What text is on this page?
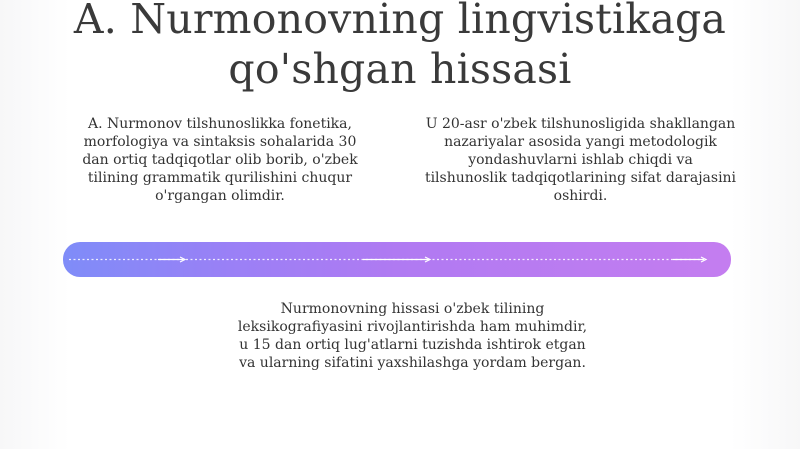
A. Nurmonovning lingvistikaga
qo'shgan hissasi

A. Nurmonov tilshunoslikka fonetika,
morfologiya va sintaksis sohalarida 30
dan ortiq tadqiqotlar olib borib, o'zbek
tilining grammatik qurilishini chuqur
o'rgangan olimdir.

U 20-asr o'zbek tilshunosligida shakllangan
nazariyalar asosida yangi metodologik
yondashuvlarni ishlab chiqdi va
tilshunoslik tadqiqotlarining sifat darajasini
oshirdi.

Nurmonovning hissasi o'zbek tilining
leksikografiyasini rivojlantirishda ham muhimdir,
u 15 dan ortiq lug'atlarni tuzishda ishtirok etgan
va ularning sifatini yaxshilashga yordam bergan.
